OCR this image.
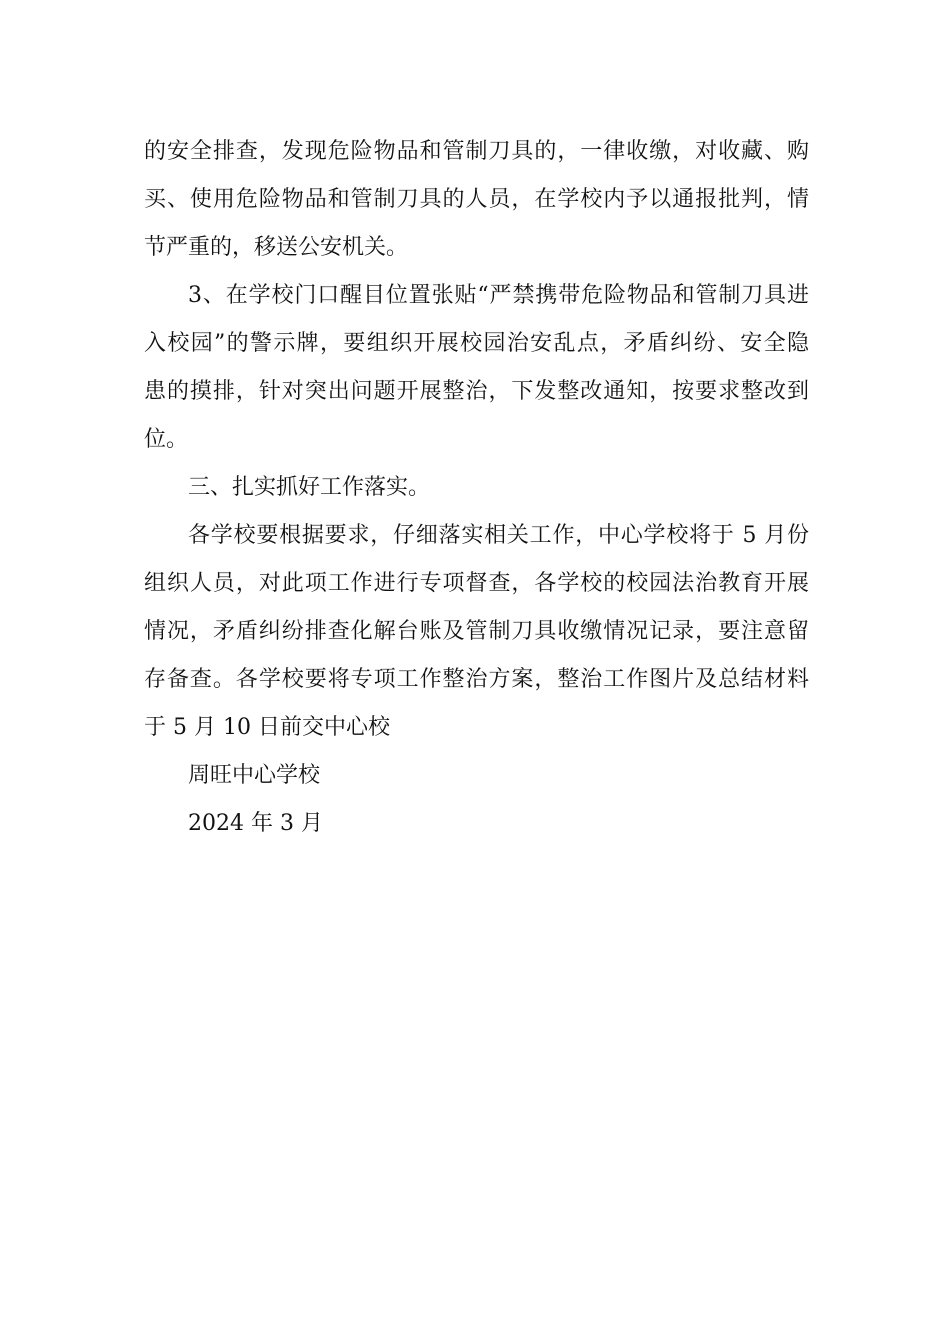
的安全排查，发现危险物品和管制刀具的，一律收缴，对收藏、购
买、使用危险物品和管制刀具的人员，在学校内予以通报批判，情
节严重的，移送公安机关。
3、在学校门口醒目位置张贴“严禁携带危险物品和管制刀具进
入校园”的警示牌，要组织开展校园治安乱点，矛盾纠纷、安全隐
患的摸排，针对突出问题开展整治，下发整改通知，按要求整改到
位。
三、扎实抓好工作落实。
各学校要根据要求，仔细落实相关工作，中心学校将于 5 月份
组织人员，对此项工作进行专项督查，各学校的校园法治教育开展
情况，矛盾纠纷排查化解台账及管制刀具收缴情况记录，要注意留
存备查。各学校要将专项工作整治方案，整治工作图片及总结材料
于 5 月 10 日前交中心校
周旺中心学校
2024 年 3 月
